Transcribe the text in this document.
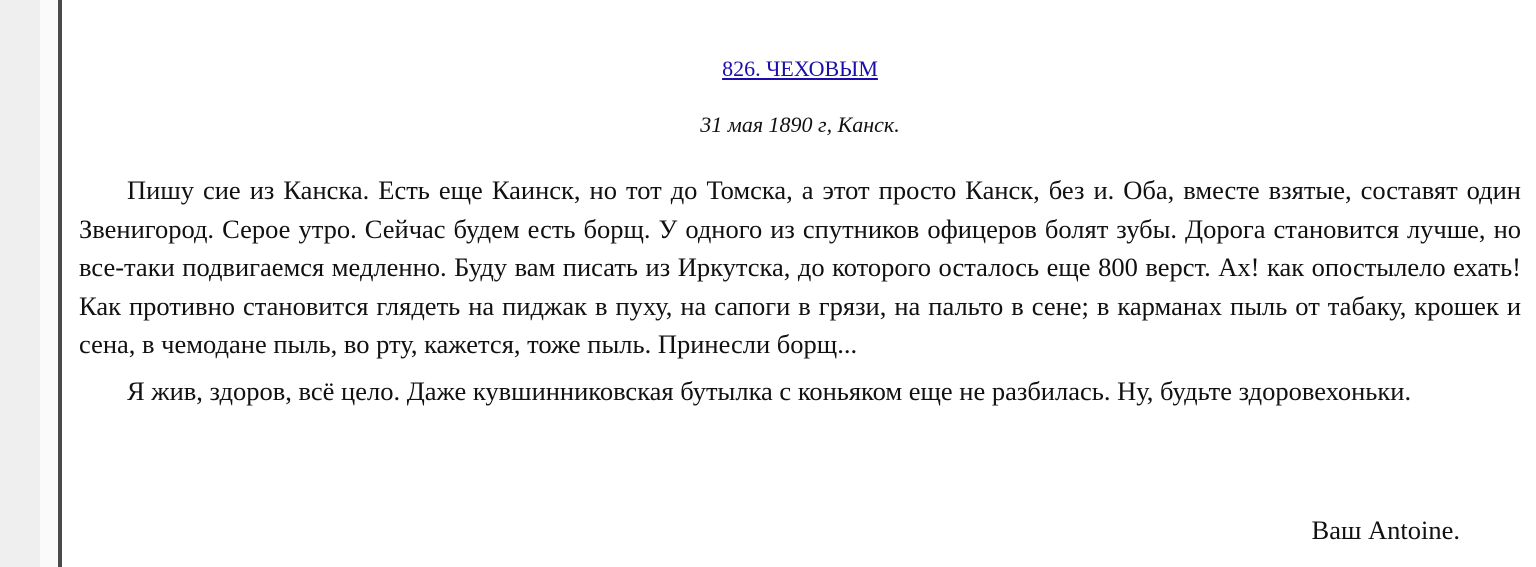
826. ЧЕХОВЫМ
31 мая 1890 г, Канск.

Пишу сие из Канска. Есть еще Каинск, но тот до Томска, а этот просто Канск, без и. Оба, вместе взятые, составят один Звенигород. Серое утро. Сейчас будем есть борщ. У одного из спутников офицеров болят зубы. Дорога становится лучше, но все-таки подвигаемся медленно. Буду вам писать из Иркутска, до которого осталось еще 800 верст. Ах! как опостылело ехать! Как противно становится глядеть на пиджак в пуху, на сапоги в грязи, на пальто в сене; в карманах пыль от табаку, крошек и сена, в чемодане пыль, во рту, кажется, тоже пыль. Принесли борщ...

Я жив, здоров, всё цело. Даже кувшинниковская бутылка с коньяком еще не разбилась. Ну, будьте здоровехоньки.

Ваш Antoine.
